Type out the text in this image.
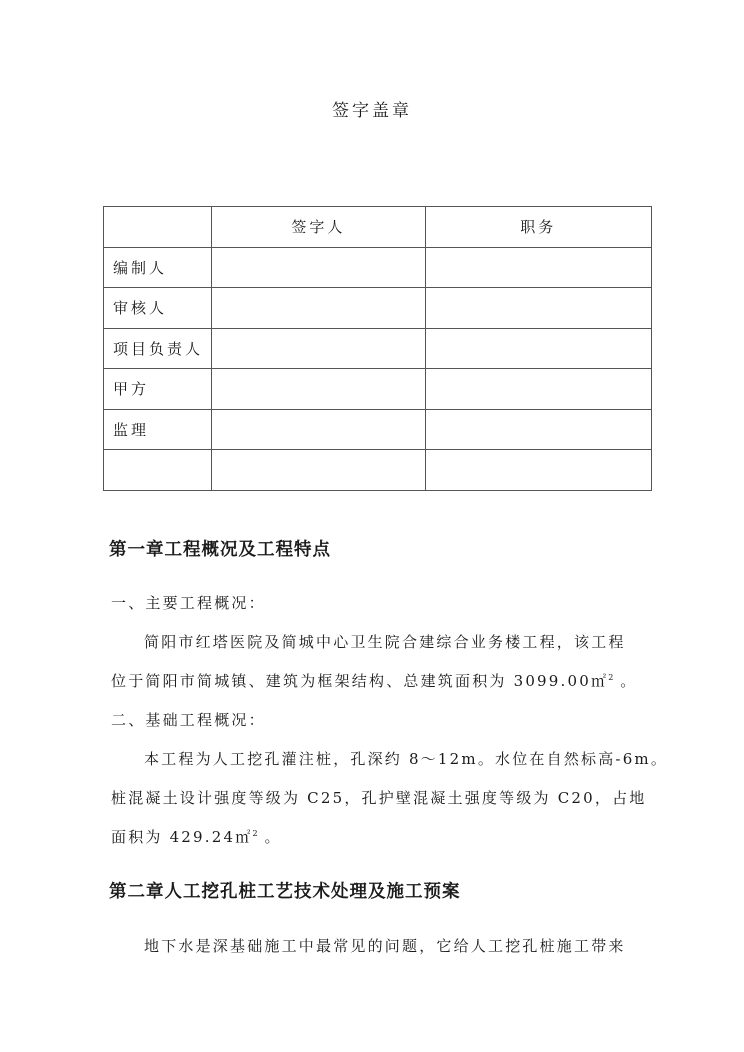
签字盖章
	签字人	职务
编制人		
审核人		
项目负责人		
甲方		
监理		

第一章工程概况及工程特点
一、主要工程概况：
简阳市红塔医院及简城中心卫生院合建综合业务楼工程，该工程
位于简阳市简城镇、建筑为框架结构、总建筑面积为 3099.00㎡$^2$ 。
二、基础工程概况：
本工程为人工挖孔灌注桩，孔深约 8～12m。水位在自然标高-6m。
桩混凝土设计强度等级为 C25，孔护壁混凝土强度等级为 C20，占地
面积为 429.24㎡$^2$ 。
第二章人工挖孔桩工艺技术处理及施工预案
地下水是深基础施工中最常见的问题，它给人工挖孔桩施工带来
